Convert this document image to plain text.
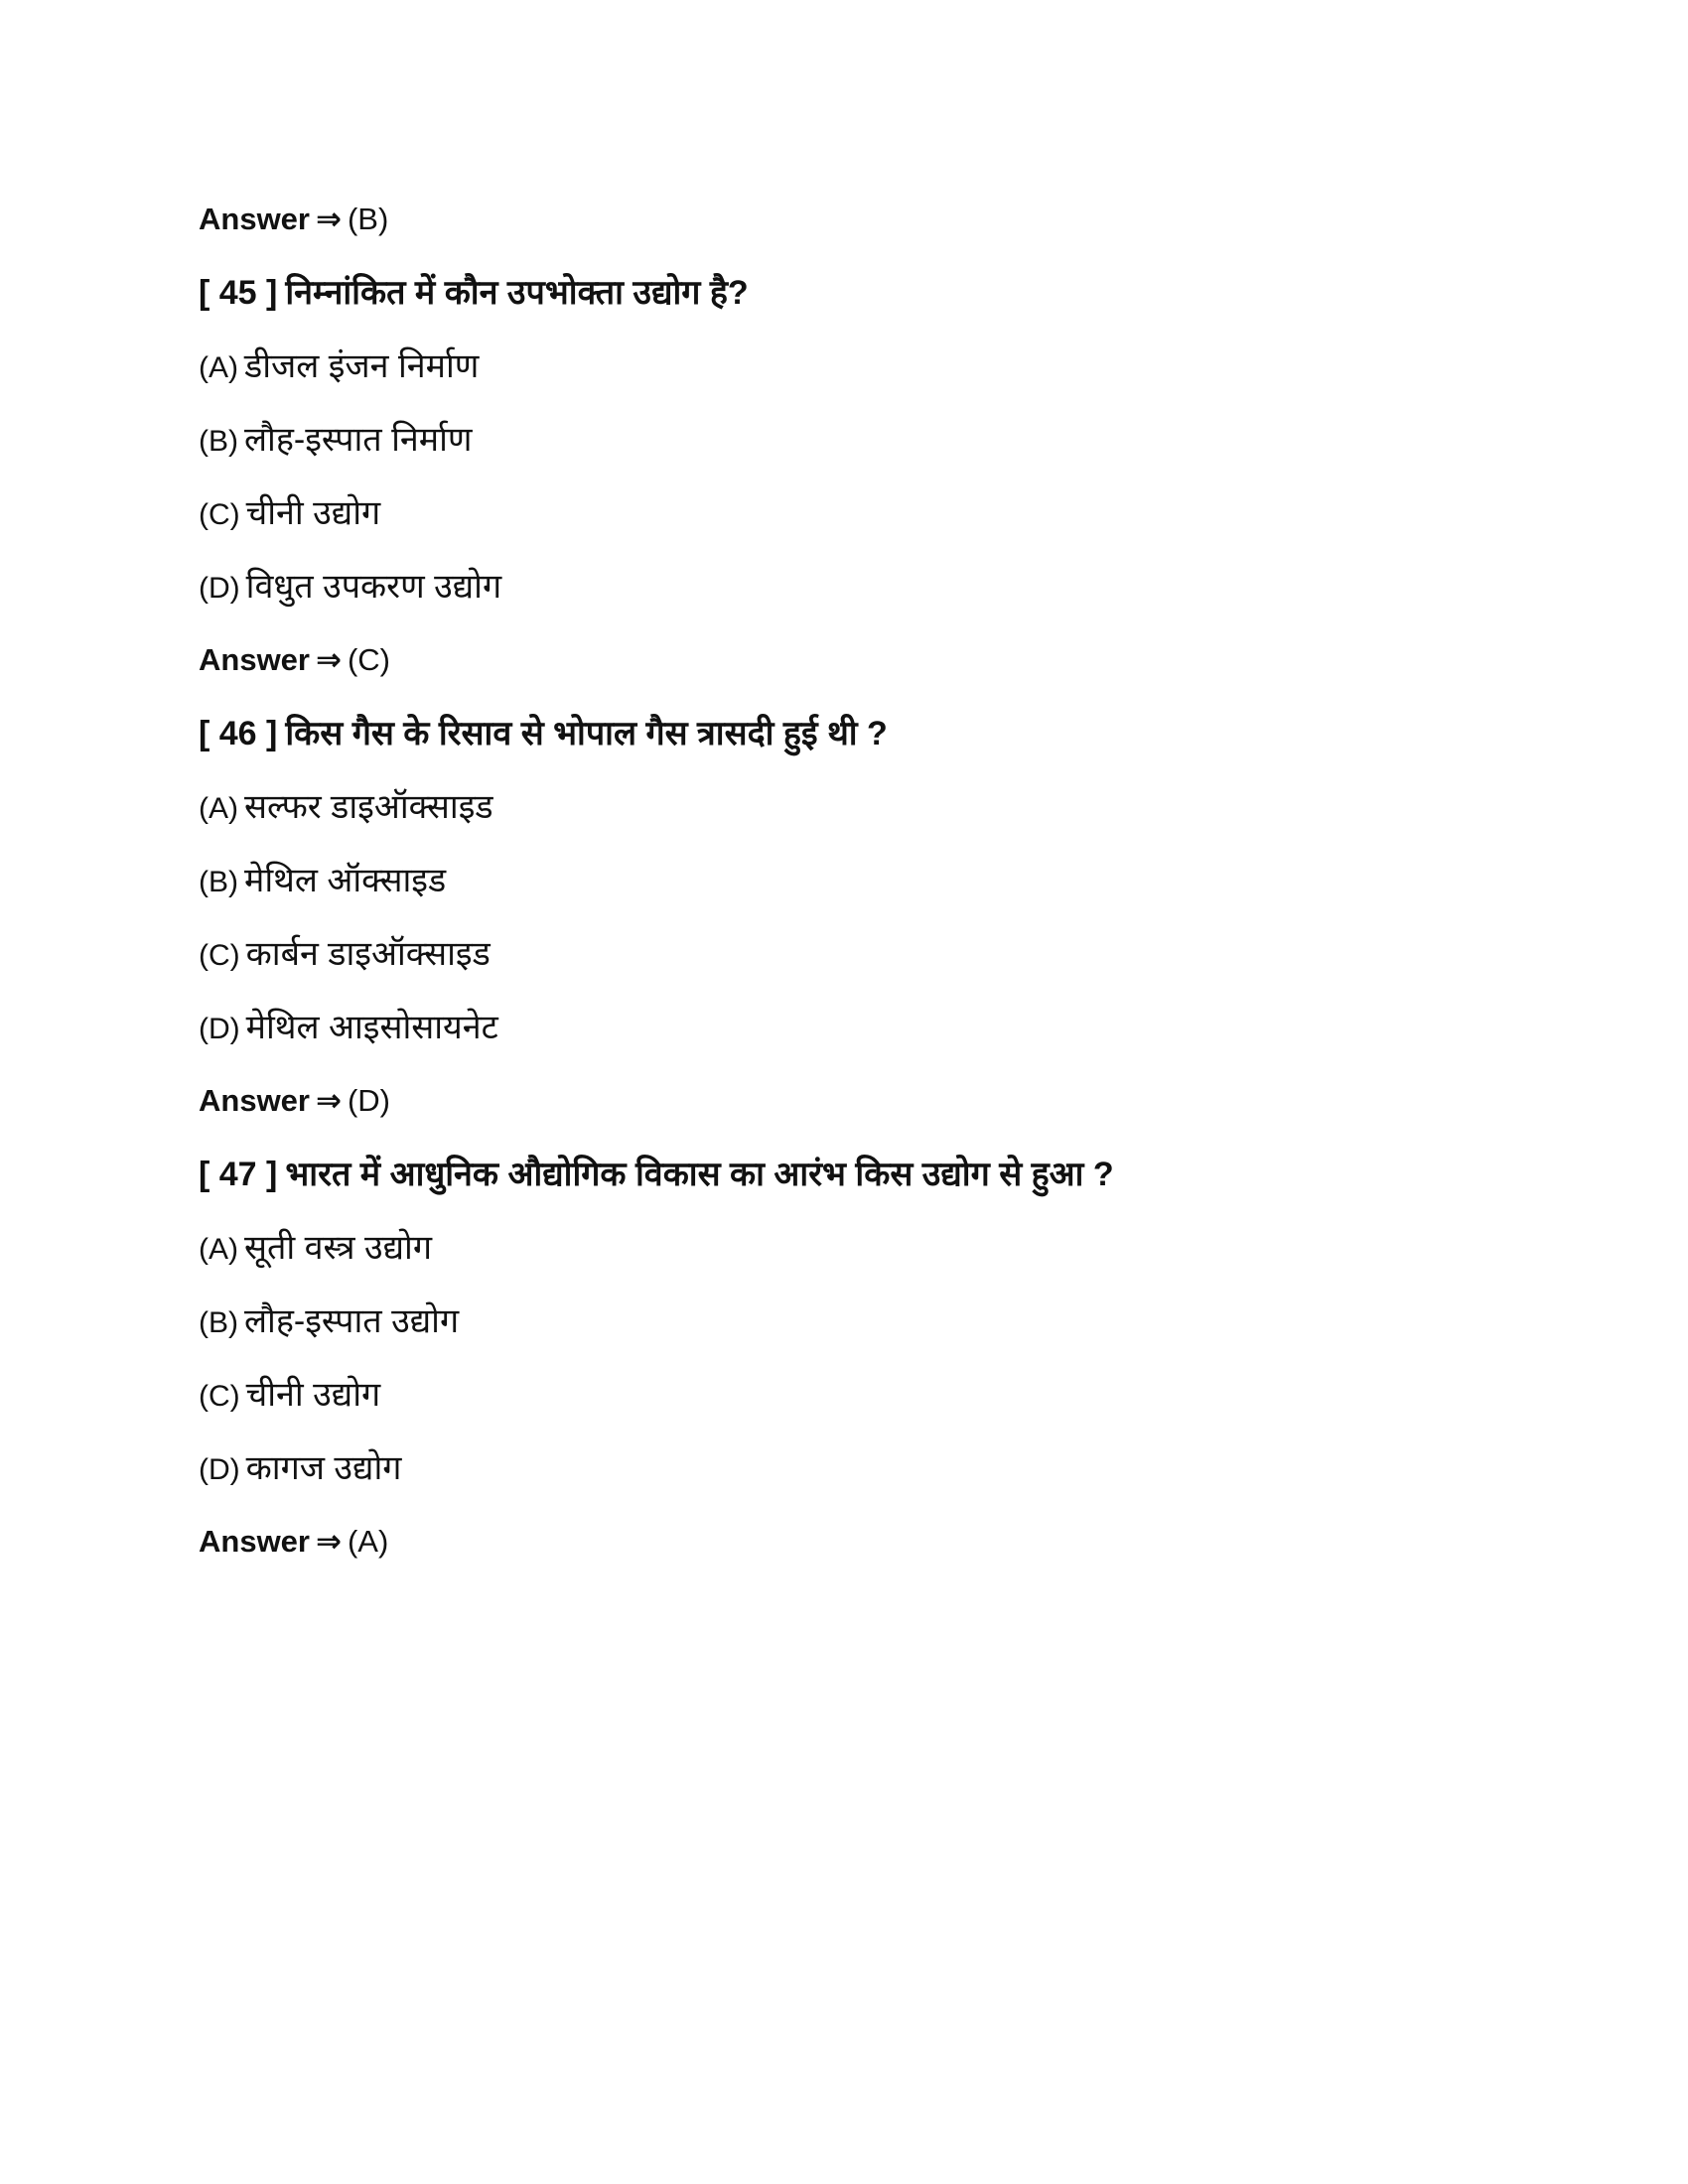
Answer ⇒ (B)
[ 45 ] निम्नांकित में कौन उपभोक्ता उद्योग है?
(A) डीजल इंजन निर्माण
(B) लौह-इस्पात निर्माण
(C) चीनी उद्योग
(D) विधुत उपकरण उद्योग
Answer ⇒ (C)
[ 46 ] किस गैस के रिसाव से भोपाल गैस त्रासदी हुई थी ?
(A) सल्फर डाइऑक्साइड
(B) मेथिल ऑक्साइड
(C) कार्बन डाइऑक्साइड
(D) मेथिल आइसोसायनेट
Answer ⇒ (D)
[ 47 ] भारत में आधुनिक औद्योगिक विकास का आरंभ किस उद्योग से हुआ ?
(A) सूती वस्त्र उद्योग
(B) लौह-इस्पात उद्योग
(C) चीनी उद्योग
(D) कागज उद्योग
Answer ⇒ (A)
